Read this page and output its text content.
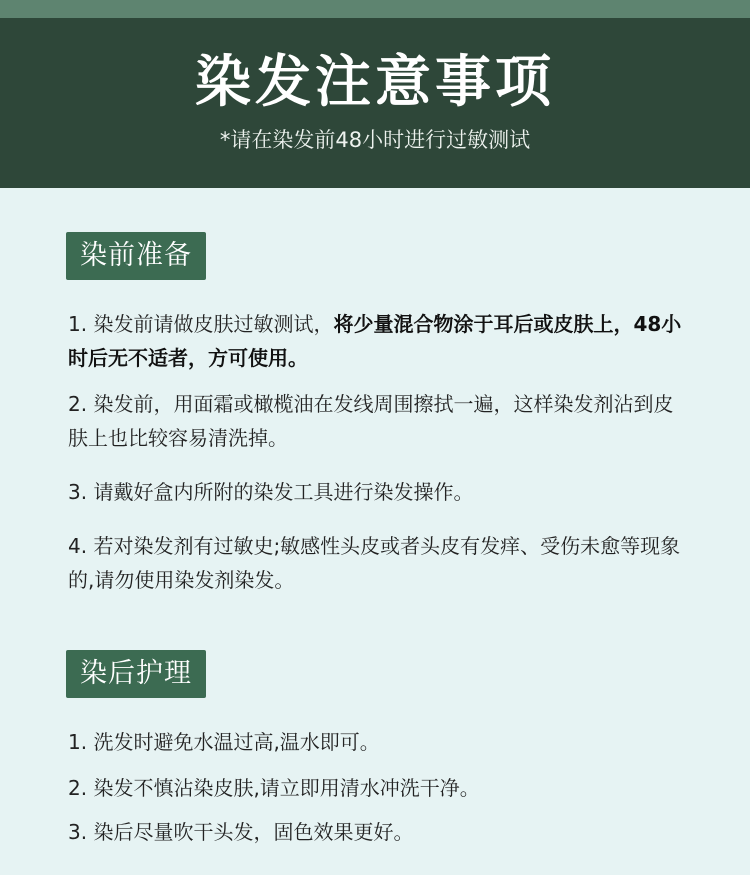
染发注意事项
*请在染发前48小时进行过敏测试
染前准备
1. 染发前请做皮肤过敏测试，将少量混合物涂于耳后或皮肤上，48小时后无不适者，方可使用。
2. 染发前，用面霜或橄榄油在发线周围擦拭一遍，这样染发剂沾到皮肤上也比较容易清洗掉。
3. 请戴好盒内所附的染发工具进行染发操作。
4. 若对染发剂有过敏史;敏感性头皮或者头皮有发痒、受伤未愈等现象的,请勿使用染发剂染发。
染后护理
1. 洗发时避免水温过高,温水即可。
2. 染发不慎沾染皮肤,请立即用清水冲洗干净。
3. 染后尽量吹干头发，固色效果更好。
